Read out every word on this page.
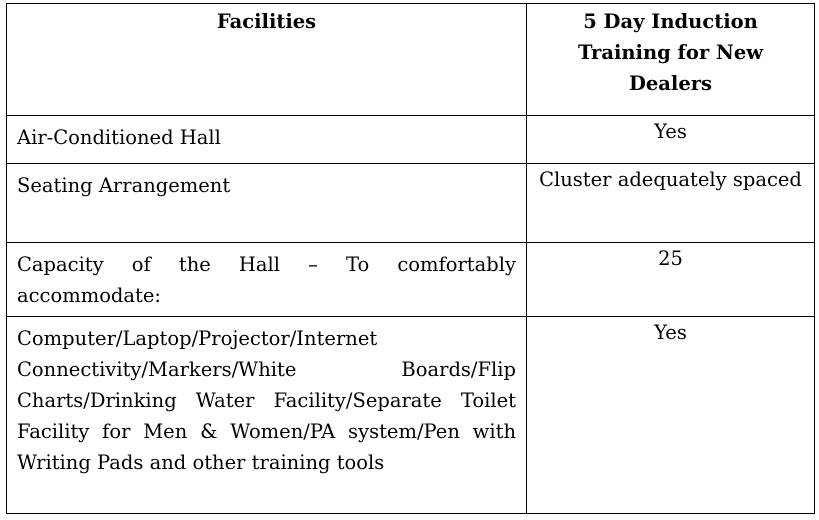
Facilities	5 Day Induction Training for New Dealers
Air-Conditioned Hall	Yes
Seating Arrangement	Cluster adequately spaced
Capacity of the Hall – To comfortably accommodate:	25
Computer/Laptop/Projector/Internet Connectivity/Markers/White Boards/Flip Charts/Drinking Water Facility/Separate Toilet Facility for Men & Women/PA system/Pen with Writing Pads and other training tools	Yes
